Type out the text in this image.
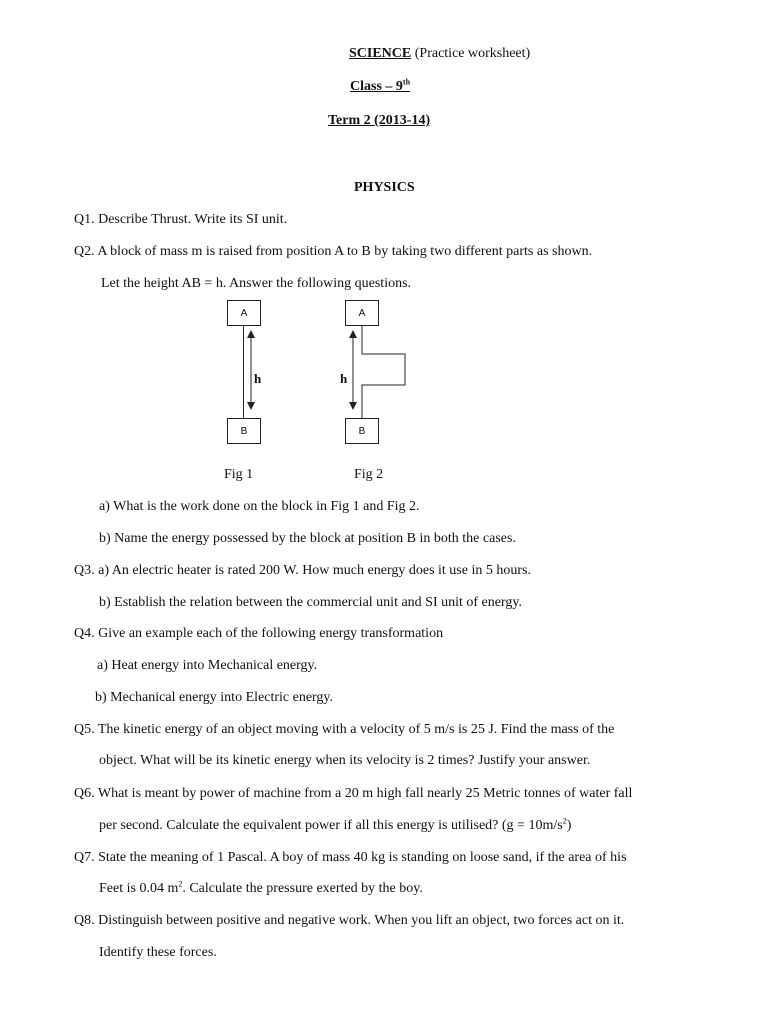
SCIENCE (Practice worksheet)
Class – 9th
Term 2 (2013-14)
PHYSICS
Q1. Describe Thrust. Write its SI unit.
Q2. A block of mass m is raised from position A to B by taking two different parts as shown.
Let the height AB = h. Answer the following questions.
A
h
B
Fig 1
A
h
B
Fig 2
a) What is the work done on the block in Fig 1 and Fig 2.
b) Name the energy possessed by the block at position B in both the cases.
Q3. a) An electric heater is rated 200 W. How much energy does it use in 5 hours.
b) Establish the relation between the commercial unit and SI unit of energy.
Q4. Give an example each of the following energy transformation
a) Heat energy into Mechanical energy.
b) Mechanical energy into Electric energy.
Q5. The kinetic energy of an object moving with a velocity of 5 m/s is 25 J. Find the mass of the
object. What will be its kinetic energy when its velocity is 2 times? Justify your answer.
Q6. What is meant by power of machine from a 20 m high fall nearly 25 Metric tonnes of water fall
per second. Calculate the equivalent power if all this energy is utilised? $(g = 10m/s^2)$
Q7. State the meaning of 1 Pascal. A boy of mass 40 kg is standing on loose sand, if the area of his
Feet is 0.04 $m^2$. Calculate the pressure exerted by the boy.
Q8. Distinguish between positive and negative work. When you lift an object, two forces act on it.
Identify these forces.
